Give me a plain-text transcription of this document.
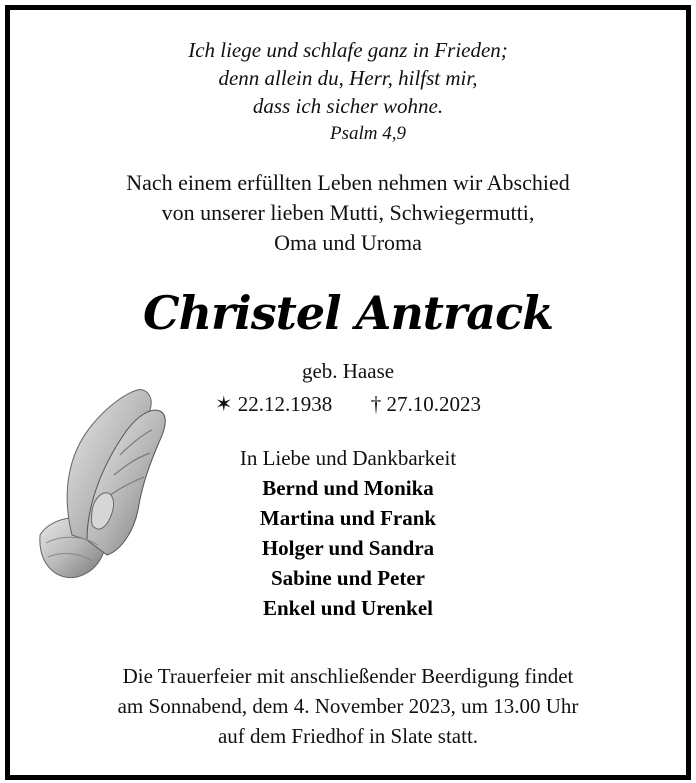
Ich liege und schlafe ganz in Frieden;
denn allein du, Herr, hilfst mir,
dass ich sicher wohne.
Psalm 4,9
Nach einem erfüllten Leben nehmen wir Abschied
von unserer lieben Mutti, Schwiegermutti,
Oma und Uroma
Christel Antrack
geb. Haase
✶ 22.12.1938 † 27.10.2023
In Liebe und Dankbarkeit
Bernd und Monika
Martina und Frank
Holger und Sandra
Sabine und Peter
Enkel und Urenkel
Die Trauerfeier mit anschließender Beerdigung findet
am Sonnabend, dem 4. November 2023, um 13.00 Uhr
auf dem Friedhof in Slate statt.
